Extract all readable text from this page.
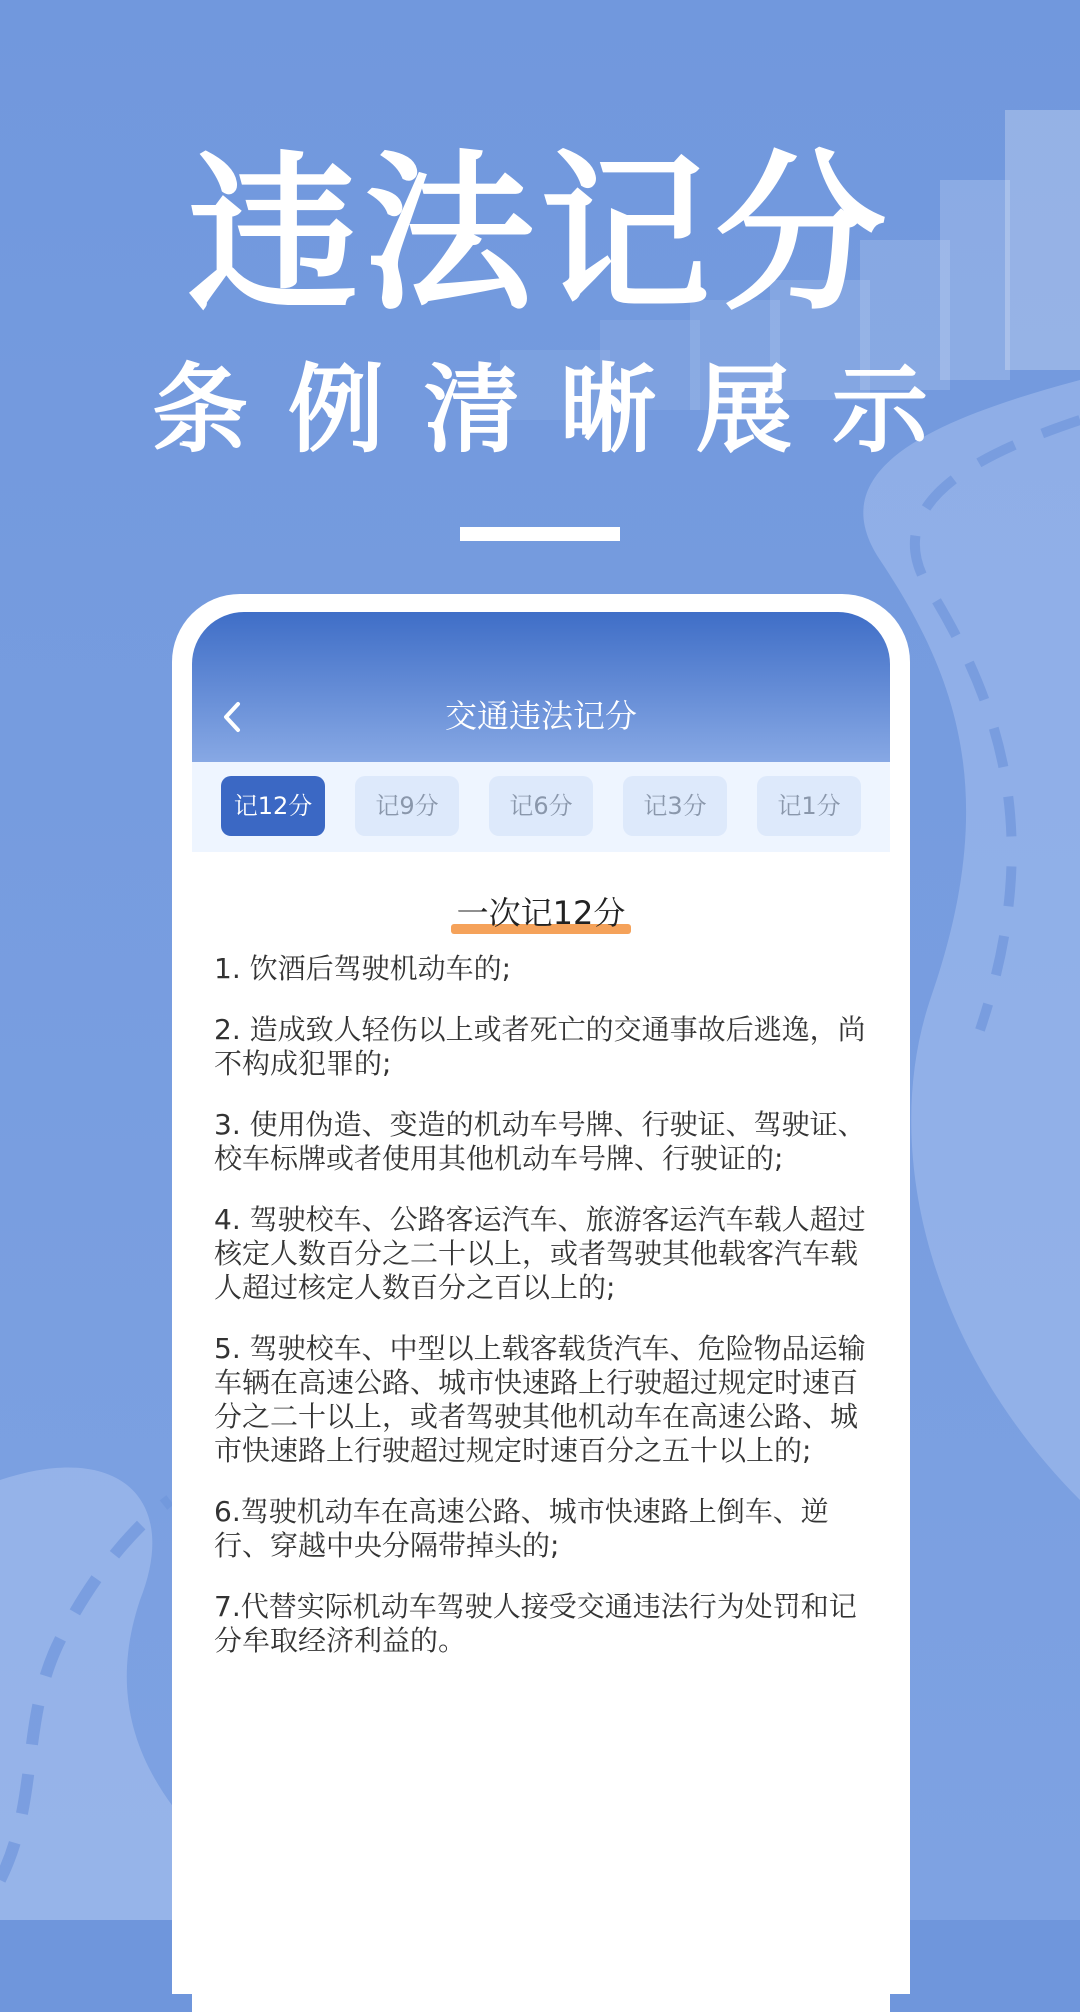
违法记分
条例清晰展示
交通违法记分
记12分	记9分	记6分	记3分	记1分
一次记12分

1. 饮酒后驾驶机动车的;

2. 造成致人轻伤以上或者死亡的交通事故后逃逸，尚不构成犯罪的;

3. 使用伪造、变造的机动车号牌、行驶证、驾驶证、校车标牌或者使用其他机动车号牌、行驶证的;

4. 驾驶校车、公路客运汽车、旅游客运汽车载人超过核定人数百分之二十以上，或者驾驶其他载客汽车载人超过核定人数百分之百以上的;

5. 驾驶校车、中型以上载客载货汽车、危险物品运输车辆在高速公路、城市快速路上行驶超过规定时速百分之二十以上，或者驾驶其他机动车在高速公路、城市快速路上行驶超过规定时速百分之五十以上的;

6.驾驶机动车在高速公路、城市快速路上倒车、逆行、穿越中央分隔带掉头的;

7.代替实际机动车驾驶人接受交通违法行为处罚和记分牟取经济利益的。
